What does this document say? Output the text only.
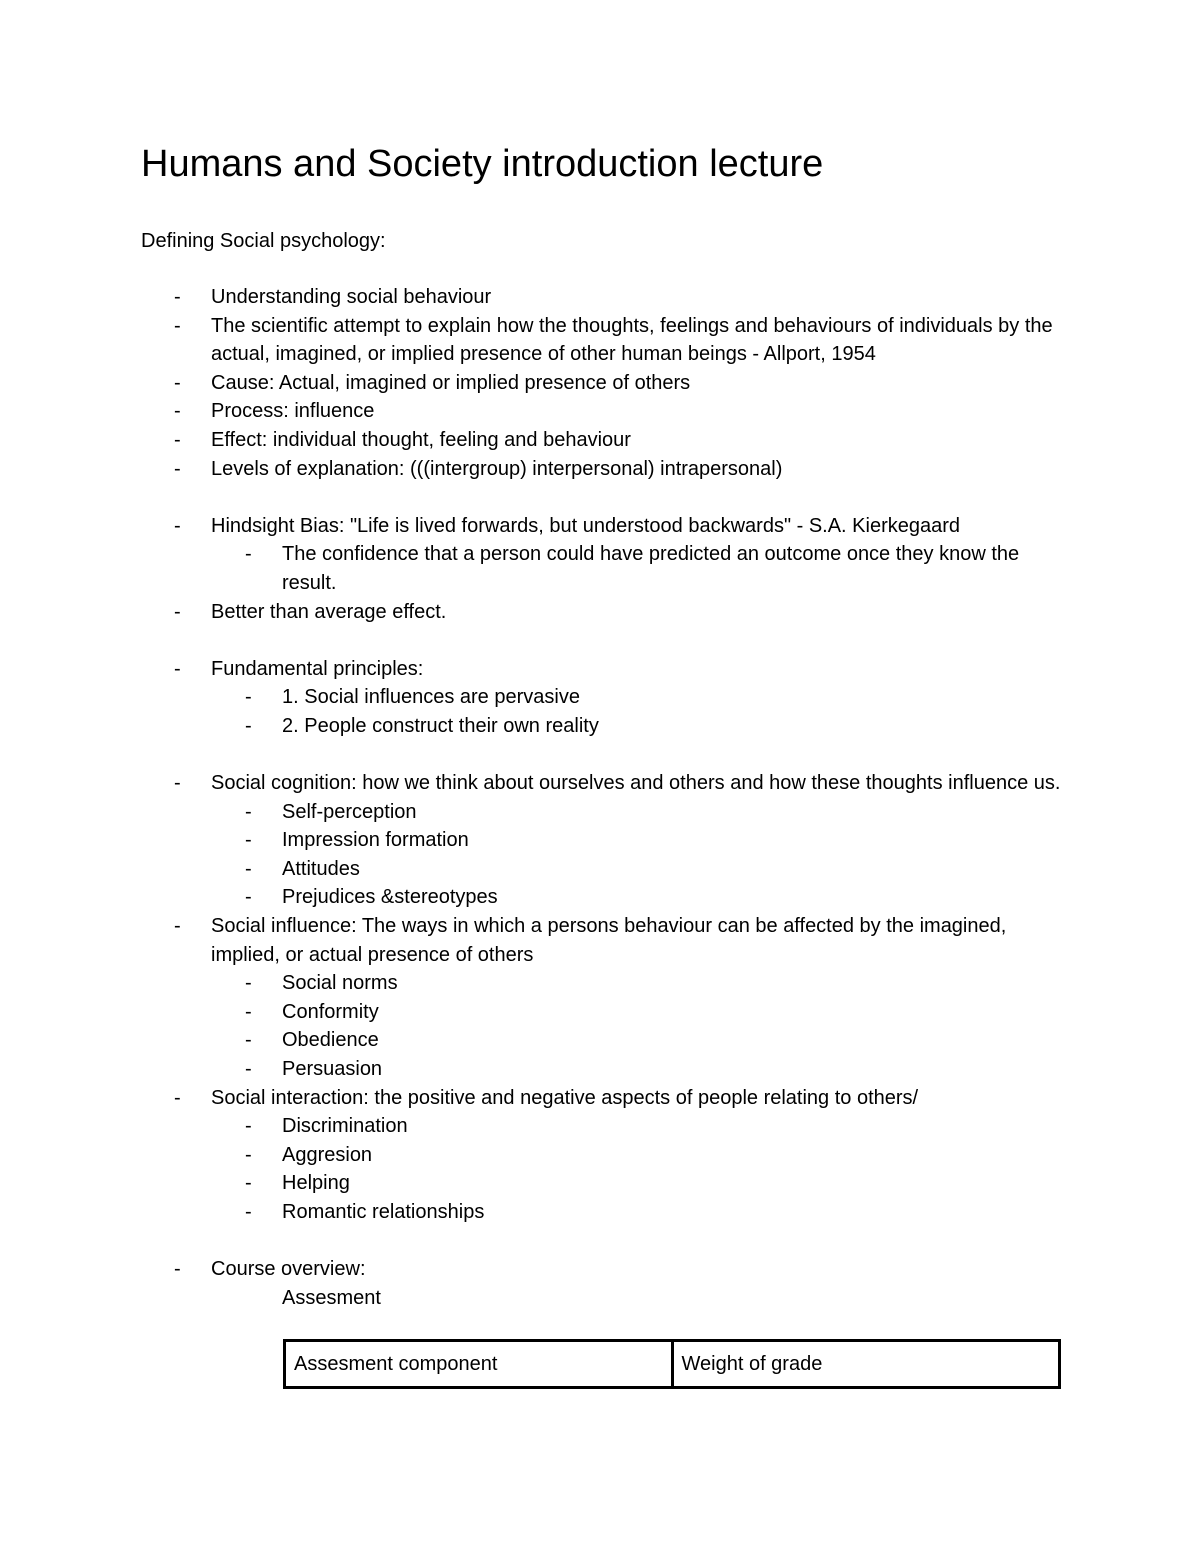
Humans and Society introduction lecture
Defining Social psychology:
- Understanding social behaviour
- The scientific attempt to explain how the thoughts, feelings and behaviours of individuals by the actual, imagined, or implied presence of other human beings - Allport, 1954
- Cause: Actual, imagined or implied presence of others
- Process: influence
- Effect: individual thought, feeling and behaviour
- Levels of explanation: (((intergroup) interpersonal) intrapersonal)
- Hindsight Bias: "Life is lived forwards, but understood backwards" - S.A. Kierkegaard
- The confidence that a person could have predicted an outcome once they know the result.
- Better than average effect.
- Fundamental principles:
- 1. Social influences are pervasive
- 2. People construct their own reality
- Social cognition: how we think about ourselves and others and how these thoughts influence us.
- Self-perception
- Impression formation
- Attitudes
- Prejudices &stereotypes
- Social influence: The ways in which a persons behaviour can be affected by the imagined, implied, or actual presence of others
- Social norms
- Conformity
- Obedience
- Persuasion
- Social interaction: the positive and negative aspects of people relating to others/
- Discrimination
- Aggresion
- Helping
- Romantic relationships
- Course overview:
Assesment
Assesment component	Weight of grade
